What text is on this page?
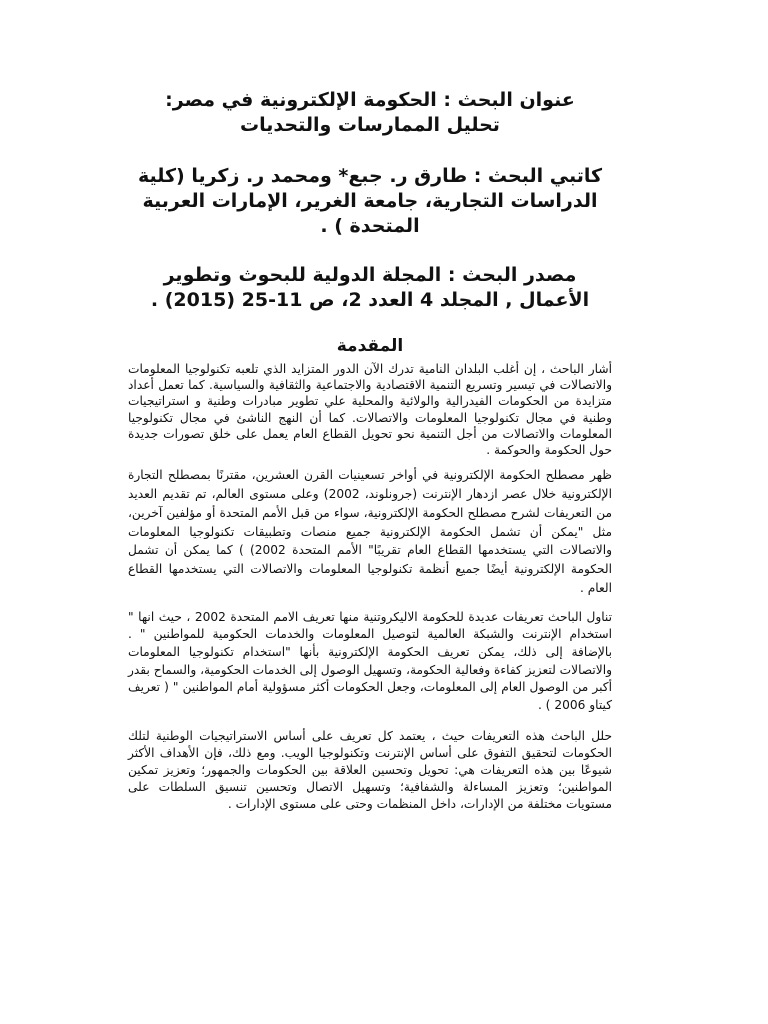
عنوان البحث : الحكومة الإلكترونية في مصر:
تحليل الممارسات والتحديات
كاتبي البحث : طارق ر. جبع* ومحمد ر. زكريا (كلية
الدراسات التجارية، جامعة الغرير، الإمارات العربية
المتحدة ) .
مصدر البحث : المجلة الدولية للبحوث وتطوير
الأعمال , المجلد 4 العدد 2، ص 11-25 (2015) .
المقدمة

أشار الباحث ، إن أغلب البلدان النامية تدرك الآن الدور المتزايد الذي تلعبه تكنولوجيا المعلومات والاتصالات في تيسير وتسريع التنمية الاقتصادية والاجتماعية والثقافية والسياسية. كما تعمل أعداد متزايدة من الحكومات الفيدرالية والولائية والمحلية علي تطوير مبادرات وطنية و استراتيجيات وطنية في مجال تكنولوجيا المعلومات والاتصالات. كما أن النهج الناشئ في مجال تكنولوجيا المعلومات والاتصالات من أجل التنمية نحو تحويل القطاع العام يعمل على خلق تصورات جديدة حول الحكومة والحوكمة .

ظهر مصطلح الحكومة الإلكترونية في أواخر تسعينيات القرن العشرين، مقترنًا بمصطلح التجارة الإلكترونية خلال عصر ازدهار الإنترنت (جرونلوند، 2002) وعلى مستوى العالم، تم تقديم العديد من التعريفات لشرح مصطلح الحكومة الإلكترونية، سواء من قبل الأمم المتحدة أو مؤلفين آخرين، مثل "يمكن أن تشمل الحكومة الإلكترونية جميع منصات وتطبيقات تكنولوجيا المعلومات والاتصالات التي يستخدمها القطاع العام تقريبًا" الأمم المتحدة 2002) ) كما يمكن أن تشمل الحكومة الإلكترونية أيضًا جميع أنظمة تكنولوجيا المعلومات والاتصالات التي يستخدمها القطاع العام .

تناول الباحث تعريفات عديدة للحكومة الاليكروتنية منها تعريف الامم المتحدة 2002 ، حيث انها " استخدام الإنترنت والشبكة العالمية لتوصيل المعلومات والخدمات الحكومية للمواطنين " . بالإضافة إلى ذلك، يمكن تعريف الحكومة الإلكترونية بأنها "استخدام تكنولوجيا المعلومات والاتصالات لتعزيز كفاءة وفعالية الحكومة، وتسهيل الوصول إلى الخدمات الحكومية، والسماح بقدر أكبر من الوصول العام إلى المعلومات، وجعل الحكومات أكثر مسؤولية أمام المواطنين " ( تعريف كيتاو 2006 ) .

حلل الباحث هذه التعريفات حيث ، يعتمد كل تعريف على أساس الاستراتيجيات الوطنية لتلك الحكومات لتحقيق التفوق على أساس الإنترنت وتكنولوجيا الويب. ومع ذلك، فإن الأهداف الأكثر شيوعًا بين هذه التعريفات هي: تحويل وتحسين العلاقة بين الحكومات والجمهور؛ وتعزيز تمكين المواطنين؛ وتعزيز المساءلة والشفافية؛ وتسهيل الاتصال وتحسين تنسيق السلطات على مستويات مختلفة من الإدارات، داخل المنظمات وحتى على مستوى الإدارات .
